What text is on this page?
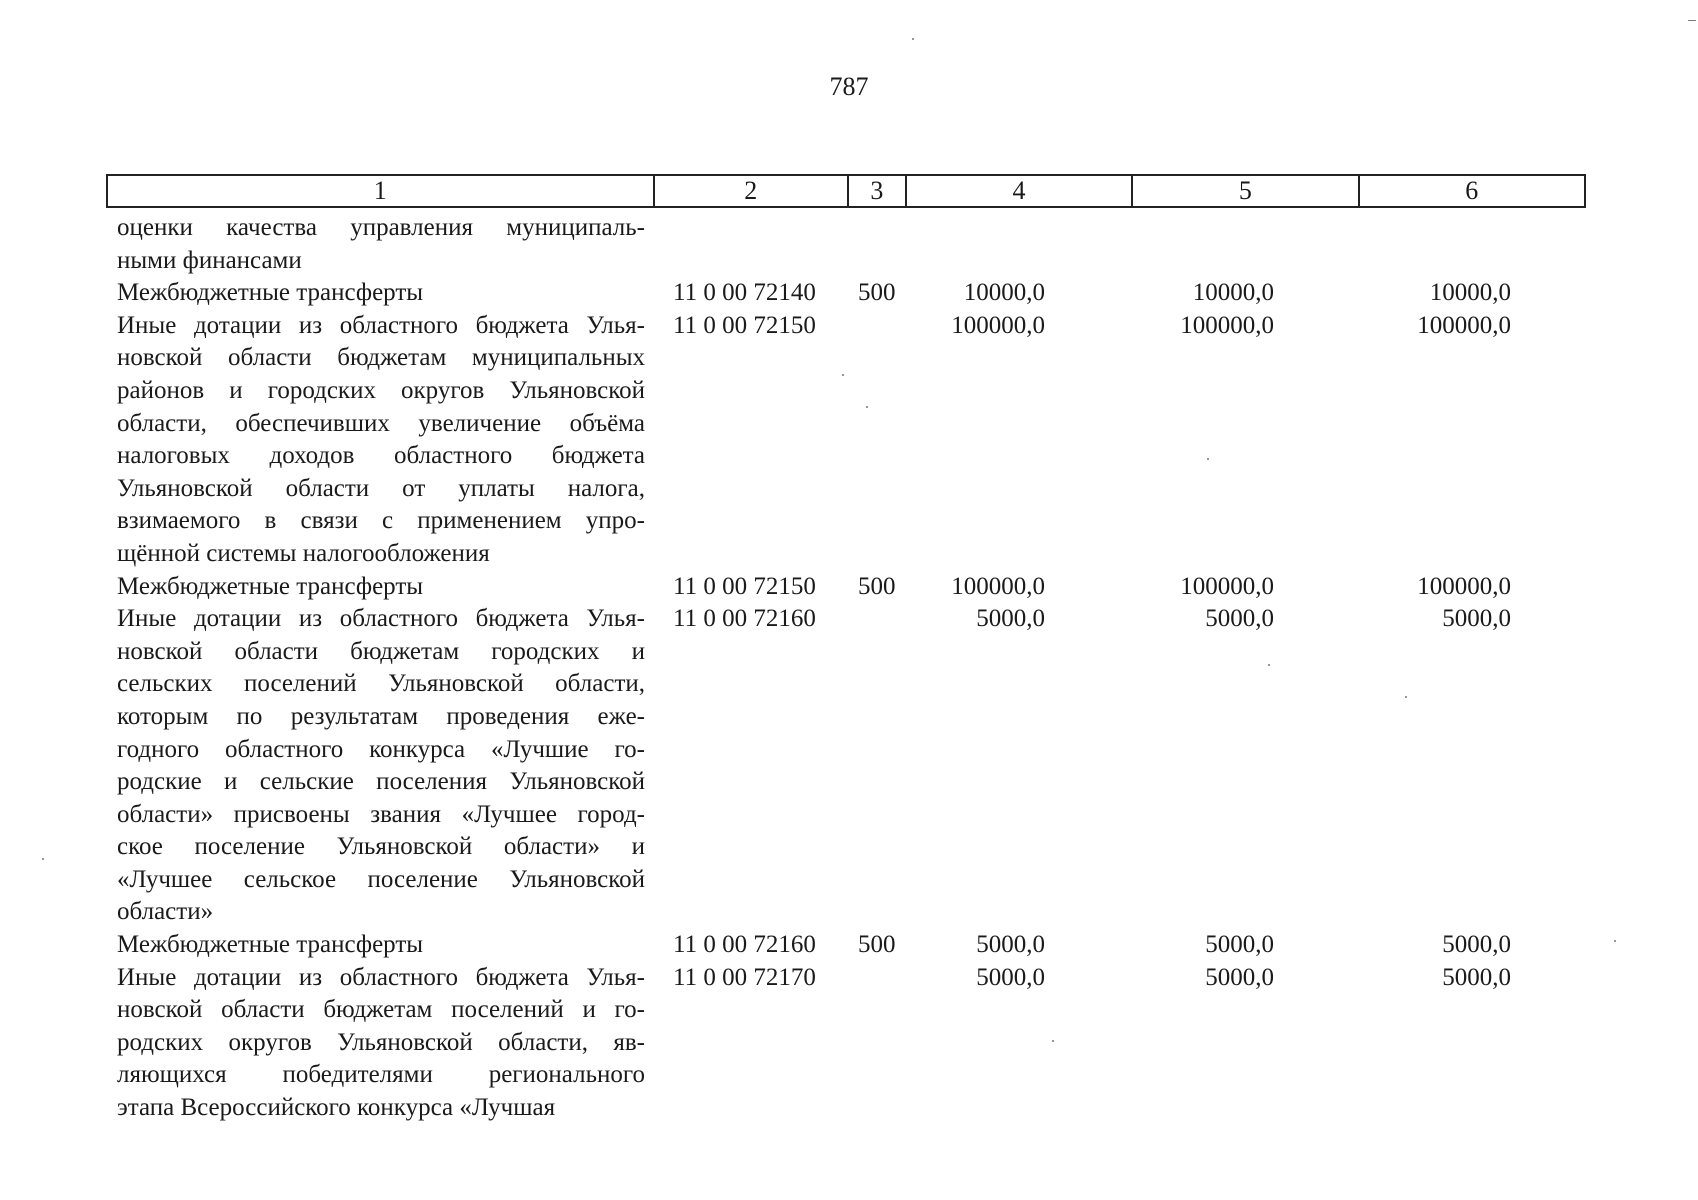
787
1	2	3	4	5	6
оценки качества управления муниципаль-
ными финансами
Межбюджетные трансферты	11 0 00 72140 500	10000,0	10000,0	10000,0
Иные дотации из областного бюджета Улья-
новской области бюджетам муниципальных
районов и городских округов Ульяновской
области, обеспечивших увеличение объёма
налоговых доходов областного бюджета
Ульяновской области от уплаты налога,
взимаемого в связи с применением упро-
щённой системы налогообложения
11 0 00 72150	100000,0	100000,0	100000,0
Межбюджетные трансферты	11 0 00 72150 500 100000,0	100000,0	100000,0
Иные дотации из областного бюджета Улья-
новской области бюджетам городских и
сельских поселений Ульяновской области,
которым по результатам проведения еже-
годного областного конкурса «Лучшие го-
родские и сельские поселения Ульяновской
области» присвоены звания «Лучшее город-
ское поселение Ульяновской области» и
«Лучшее сельское поселение Ульяновской
области»
11 0 00 72160	5000,0	5000,0	5000,0
Межбюджетные трансферты	11 0 00 72160 500	5000,0	5000,0	5000,0
Иные дотации из областного бюджета Улья-
новской области бюджетам поселений и го-
родских округов Ульяновской области, яв-
ляющихся победителями регионального
этапа Всероссийского конкурса «Лучшая
11 0 00 72170	5000,0	5000,0	5000,0
